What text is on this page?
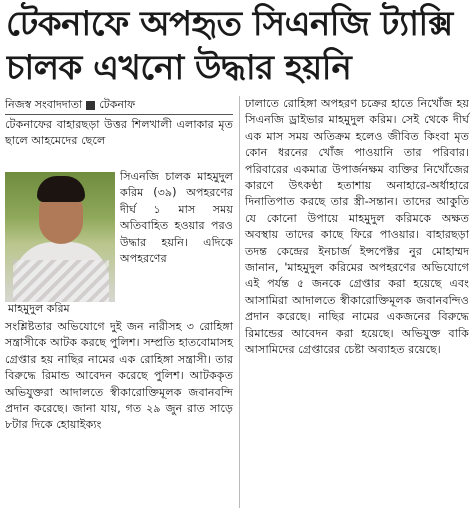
টেকনাফে অপহৃত সিএনজি ট্যাক্সি
চালক এখনো উদ্ধার হয়নি
নিজস্ব সংবাদদাতা টেকনাফ

টেকনাফের বাহারছড়া উত্তর শিলখালী এলাকার মৃত ছালে আহমেদের ছেলে

মাহমুদুল করিম

সিএনজি চালক মাহমুদুল করিম (৩৯) অপহরণের দীর্ঘ ১ মাস সময় অতিবাহিত হওয়ার পরও উদ্ধার হয়নি। এদিকে অপহরণের

সংশ্লিষ্টতার অভিযোগে দুই জন নারীসহ ৩ রোহিঙ্গা সন্ত্রাসীকে আটক করছে পুলিশ। সম্প্রতি হাতবোমাসহ গ্রেপ্তার হয় নাছির নামের এক রোহিঙ্গা সন্ত্রাসী। তার বিরুদ্ধে রিমান্ড আবেদন করেছে পুলিশ। আটককৃত অভিযুক্তরা আদালতে স্বীকারোক্তিমূলক জবানবন্দি প্রদান করেছে। জানা যায়, গত ২৯ জুন রাত সাড়ে ৮টার দিকে হোয়াইক্যং

ঢালাতে রোহিঙ্গা অপহরণ চক্রের হাতে নিখোঁজ হয় সিএনজি ড্রাইভার মাহমুদুল করিম। সেই থেকে দীর্ঘ এক মাস সময় অতিক্রম হলেও জীবিত কিংবা মৃত কোন ধরনের খোঁজ পাওয়ানি তার পরিবার। পরিবারের একমাত্র উপার্জনক্ষম ব্যক্তির নিখোঁজের কারণে উৎকণ্ঠা হতাশায় অনাহারে-অর্ধাহারে দিনাতিপাত করছে তার স্ত্রী-সন্তান। তাদের আকুতি যে কোনো উপায়ে মাহমুদুল করিমকে অক্ষত অবস্থায় তাদের কাছে ফিরে পাওয়ার। বাহারছড়া তদন্ত কেন্দ্রের ইনচার্জ ইন্সপেক্টর নুর মোহাম্মদ জানান, 'মাহমুদুল করিমের অপহরণের অভিযোগে এই পর্যন্ত ৫ জনকে গ্রেপ্তার করা হয়েছে এবং আসামিরা আদালতে স্বীকারোক্তিমূলক জবানবন্দিও প্রদান করেছে। নাছির নামের একজনের বিরুদ্ধে রিমান্ডের আবেদন করা হয়েছে। অভিযুক্ত বাকি আসামিদের গ্রেপ্তারের চেষ্টা অব্যাহত রয়েছে।
